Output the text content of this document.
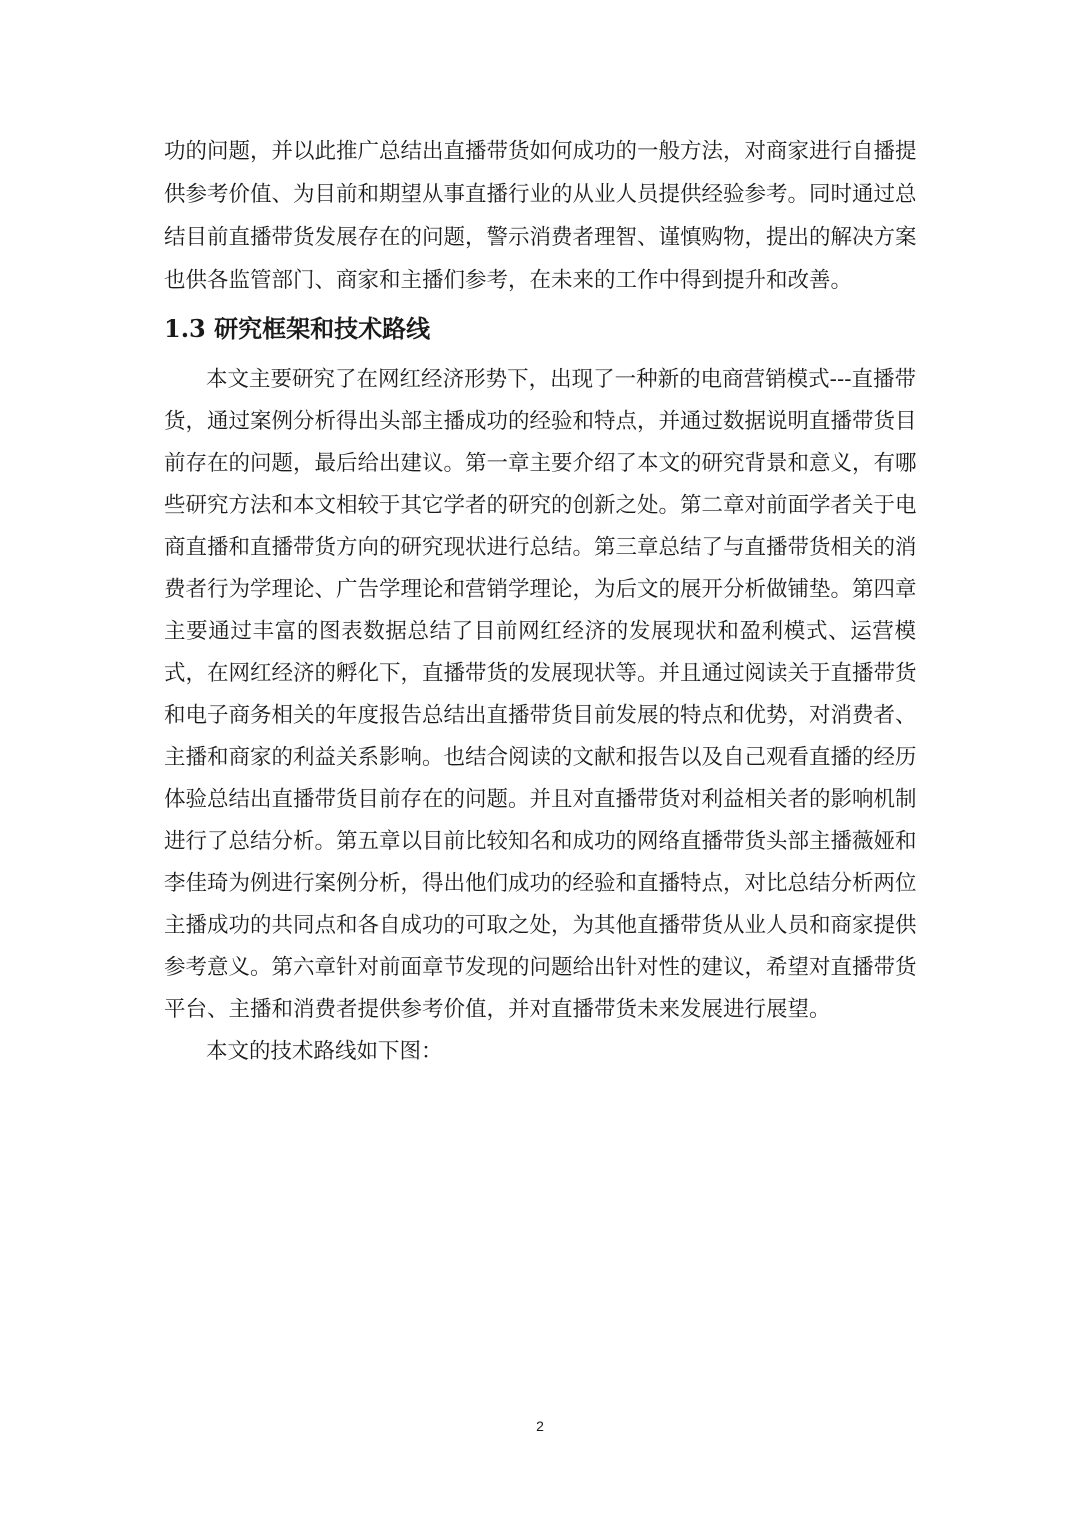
功的问题，并以此推广总结出直播带货如何成功的一般方法，对商家进行自播提
供参考价值、为目前和期望从事直播行业的从业人员提供经验参考。同时通过总
结目前直播带货发展存在的问题，警示消费者理智、谨慎购物，提出的解决方案
也供各监管部门、商家和主播们参考，在未来的工作中得到提升和改善。
1.3 研究框架和技术路线
本文主要研究了在网红经济形势下，出现了一种新的电商营销模式---直播带
货，通过案例分析得出头部主播成功的经验和特点，并通过数据说明直播带货目
前存在的问题，最后给出建议。第一章主要介绍了本文的研究背景和意义，有哪
些研究方法和本文相较于其它学者的研究的创新之处。第二章对前面学者关于电
商直播和直播带货方向的研究现状进行总结。第三章总结了与直播带货相关的消
费者行为学理论、广告学理论和营销学理论，为后文的展开分析做铺垫。第四章
主要通过丰富的图表数据总结了目前网红经济的发展现状和盈利模式、运营模
式，在网红经济的孵化下，直播带货的发展现状等。并且通过阅读关于直播带货
和电子商务相关的年度报告总结出直播带货目前发展的特点和优势，对消费者、
主播和商家的利益关系影响。也结合阅读的文献和报告以及自己观看直播的经历
体验总结出直播带货目前存在的问题。并且对直播带货对利益相关者的影响机制
进行了总结分析。第五章以目前比较知名和成功的网络直播带货头部主播薇娅和
李佳琦为例进行案例分析，得出他们成功的经验和直播特点，对比总结分析两位
主播成功的共同点和各自成功的可取之处，为其他直播带货从业人员和商家提供
参考意义。第六章针对前面章节发现的问题给出针对性的建议，希望对直播带货
平台、主播和消费者提供参考价值，并对直播带货未来发展进行展望。
本文的技术路线如下图：
2
